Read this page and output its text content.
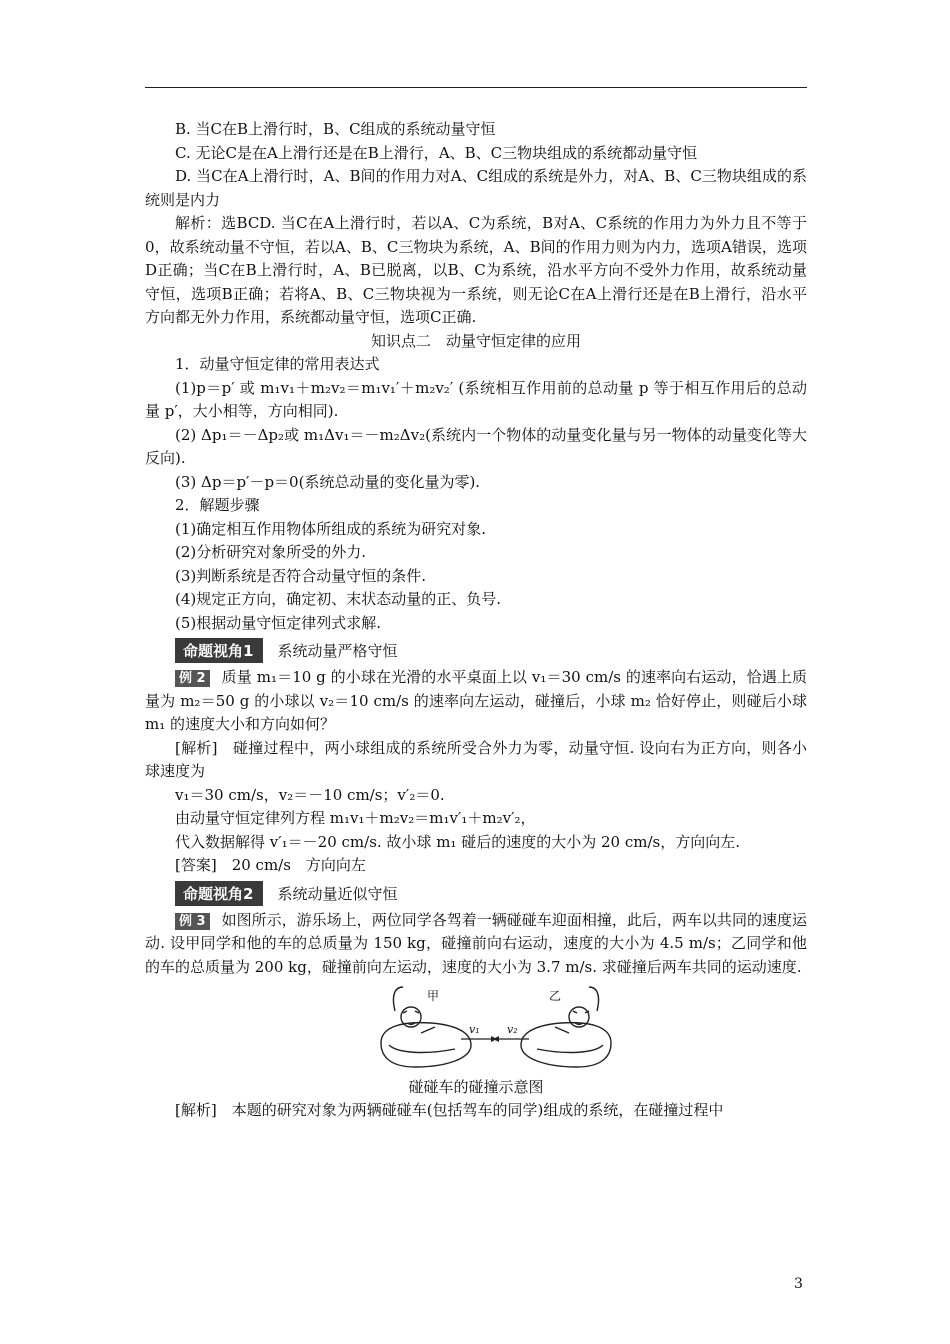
B. 当C在B上滑行时，B、C组成的系统动量守恒
C. 无论C是在A上滑行还是在B上滑行，A、B、C三物块组成的系统都动量守恒
D. 当C在A上滑行时，A、B间的作用力对A、C组成的系统是外力，对A、B、C三物块组成的系统则是内力
解析：选BCD. 当C在A上滑行时，若以A、C为系统，B对A、C系统的作用力为外力且不等于0，故系统动量不守恒，若以A、B、C三物块为系统，A、B间的作用力则为内力，选项A错误，选项D正确；当C在B上滑行时，A、B已脱离，以B、C为系统，沿水平方向不受外力作用，故系统动量守恒，选项B正确；若将A、B、C三物块视为一系统，则无论C在A上滑行还是在B上滑行，沿水平方向都无外力作用，系统都动量守恒，选项C正确.
知识点二　动量守恒定律的应用
1．动量守恒定律的常用表达式
(1)p＝p′ 或 m₁v₁＋m₂v₂＝m₁v₁′＋m₂v₂′ (系统相互作用前的总动量 p 等于相互作用后的总动量 p′，大小相等，方向相同).
(2) Δp₁＝－Δp₂或 m₁Δv₁＝－m₂Δv₂(系统内一个物体的动量变化量与另一物体的动量变化等大反向).
(3) Δp＝p′－p＝0(系统总动量的变化量为零).
2．解题步骤
(1)确定相互作用物体所组成的系统为研究对象.
(2)分析研究对象所受的外力.
(3)判断系统是否符合动量守恒的条件.
(4)规定正方向，确定初、末状态动量的正、负号.
(5)根据动量守恒定律列式求解.
命题视角1	系统动量严格守恒
例 2 质量 m₁＝10 g 的小球在光滑的水平桌面上以 v₁＝30 cm/s 的速率向右运动，恰遇上质量为 m₂＝50 g 的小球以 v₂＝10 cm/s 的速率向左运动，碰撞后，小球 m₂ 恰好停止，则碰后小球 m₁ 的速度大小和方向如何？
[解析]　碰撞过程中，两小球组成的系统所受合外力为零，动量守恒. 设向右为正方向，则各小球速度为
v₁＝30 cm/s，v₂＝－10 cm/s；v′₂＝0.
由动量守恒定律列方程 m₁v₁＋m₂v₂＝m₁v′₁＋m₂v′₂，
代入数据解得 v′₁＝－20 cm/s. 故小球 m₁ 碰后的速度的大小为 20 cm/s，方向向左.
[答案]　20 cm/s　方向向左
命题视角2	系统动量近似守恒
例 3 如图所示，游乐场上，两位同学各驾着一辆碰碰车迎面相撞，此后，两车以共同的速度运动. 设甲同学和他的车的总质量为 150 kg，碰撞前向右运动，速度的大小为 4.5 m/s；乙同学和他的车的总质量为 200 kg，碰撞前向左运动，速度的大小为 3.7 m/s. 求碰撞后两车共同的运动速度.
甲	乙
v₁ v₂
碰碰车的碰撞示意图
[解析]　本题的研究对象为两辆碰碰车(包括驾车的同学)组成的系统，在碰撞过程中
3
